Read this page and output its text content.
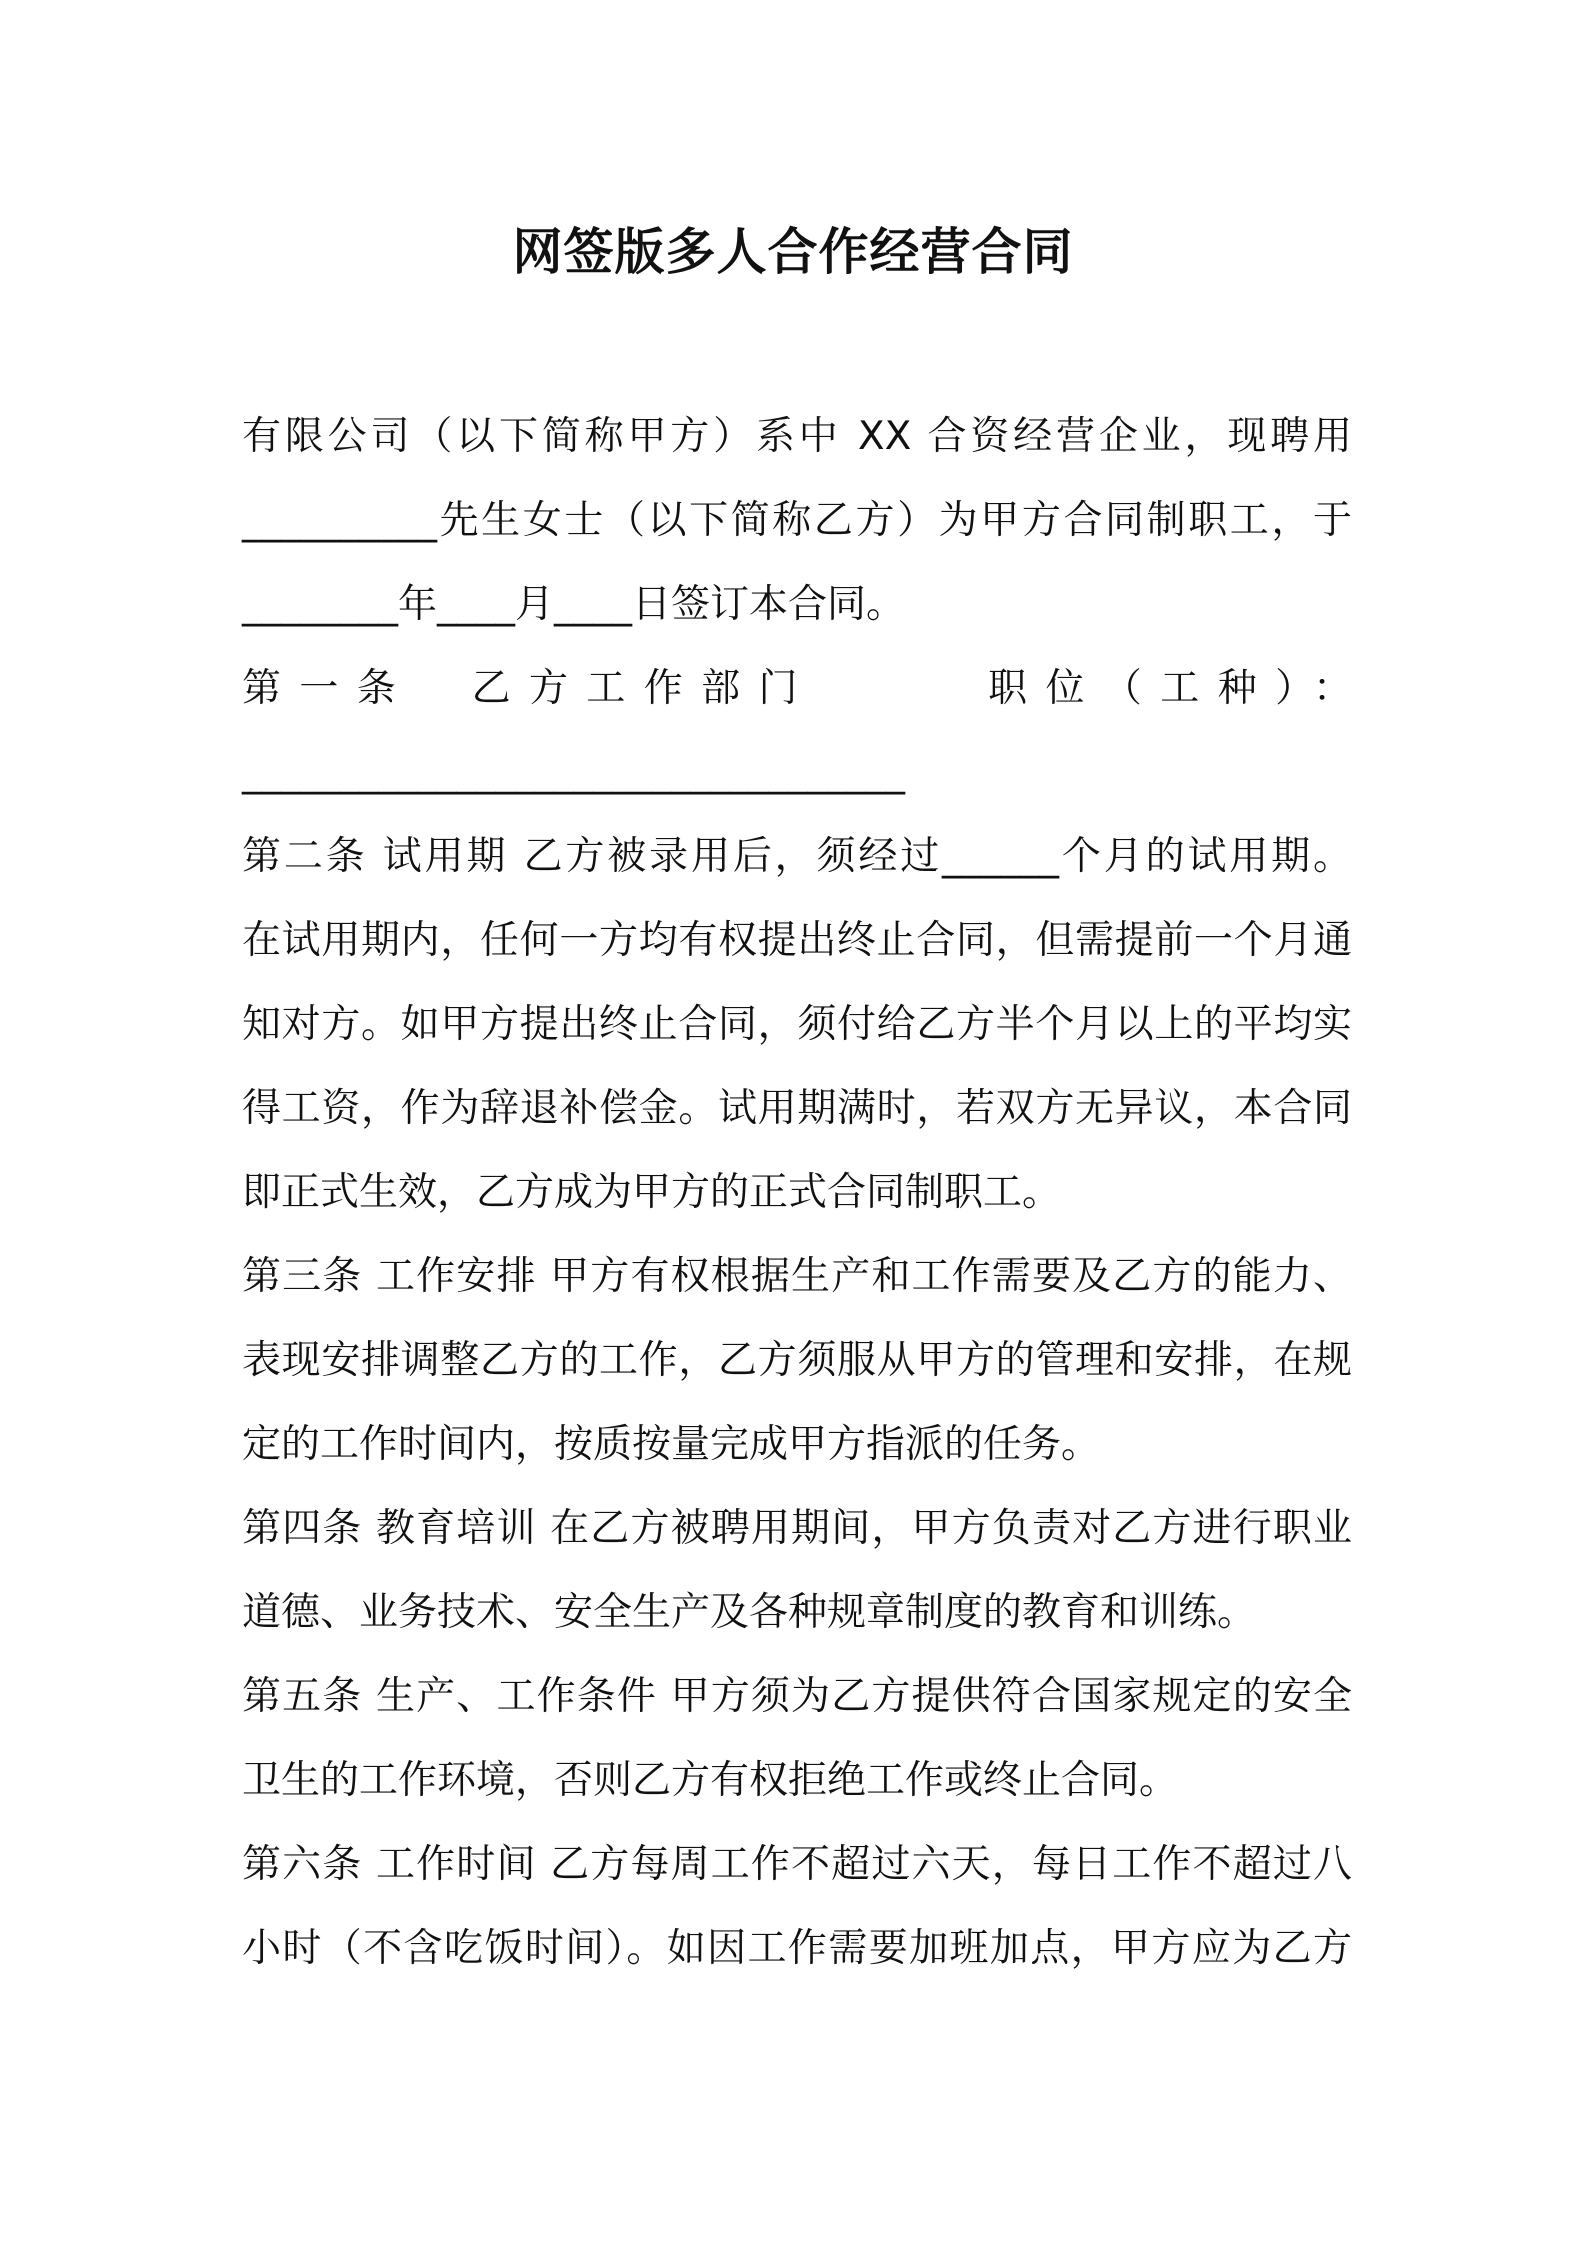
网签版多人合作经营合同
有限公司（以下简称甲方）系中 XX 合资经营企业，现聘用
__________先生女士（以下简称乙方）为甲方合同制职工，于
________年____月____日签订本合同。
第一条　乙方工作部门　　　职位（工种）：
__________________________________
第二条 试用期 乙方被录用后，须经过______个月的试用期。
在试用期内，任何一方均有权提出终止合同，但需提前一个月通
知对方。如甲方提出终止合同，须付给乙方半个月以上的平均实
得工资，作为辞退补偿金。试用期满时，若双方无异议，本合同
即正式生效，乙方成为甲方的正式合同制职工。
第三条 工作安排 甲方有权根据生产和工作需要及乙方的能力、
表现安排调整乙方的工作，乙方须服从甲方的管理和安排，在规
定的工作时间内，按质按量完成甲方指派的任务。
第四条 教育培训 在乙方被聘用期间，甲方负责对乙方进行职业
道德、业务技术、安全生产及各种规章制度的教育和训练。
第五条 生产、工作条件 甲方须为乙方提供符合国家规定的安全
卫生的工作环境，否则乙方有权拒绝工作或终止合同。
第六条 工作时间 乙方每周工作不超过六天，每日工作不超过八
小时（不含吃饭时间）。如因工作需要加班加点，甲方应为乙方
